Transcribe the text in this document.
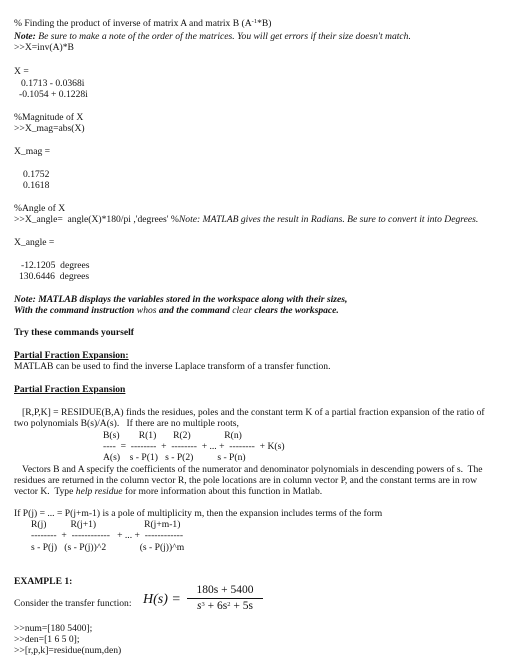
% Finding the product of inverse of matrix A and matrix B $(A^{-1}*B)$
Note: Be sure to make a note of the order of the matrices. You will get errors if their size doesn't match.
>>X=inv(A)*B
X =
0.1713 - 0.0368i
-0.1054 + 0.1228i
%Magnitude of X
>>X_mag=abs(X)
X_mag =
0.1752
0.1618
%Angle of X
>>X_angle=  angle(X)*180/pi ,'degrees' %Note: MATLAB gives the result in Radians. Be sure to convert it into Degrees.
X_angle =
-12.1205  degrees
130.6446  degrees
Note: MATLAB displays the variables stored in the workspace along with their sizes,
With the command instruction whos and the command clear clears the workspace.
Try these commands yourself
Partial Fraction Expansion:
MATLAB can be used to find the inverse Laplace transform of a transfer function.
Partial Fraction Expansion
[R,P,K] = RESIDUE(B,A) finds the residues, poles and the constant term K of a partial fraction expansion of the ratio of
two polynomials B(s)/A(s).   If there are no multiple roots,
B(s)        R(1)       R(2)              R(n)
----  =  --------  +  --------  + ... +  --------  + K(s)
A(s)    s - P(1)   s - P(2)          s - P(n)
Vectors B and A specify the coefficients of the numerator and denominator polynomials in descending powers of s.  The
residues are returned in the column vector R, the pole locations are in column vector P, and the constant terms are in row
vector K.  Type help residue for more information about this function in Matlab.
If P(j) = ... = P(j+m-1) is a pole of multiplicity m, then the expansion includes terms of the form
R(j)          R(j+1)                    R(j+m-1)
--------  +  ------------   + ... +  ------------
s - P(j)   (s - P(j))^2              (s - P(j))^m
EXAMPLE 1:
Consider the transfer function: H(s) =
180s + 5400
$s^3 + 6s^2 + 5s$
>>num=[180 5400];
>>den=[1 6 5 0];
>>[r,p,k]=residue(num,den)
